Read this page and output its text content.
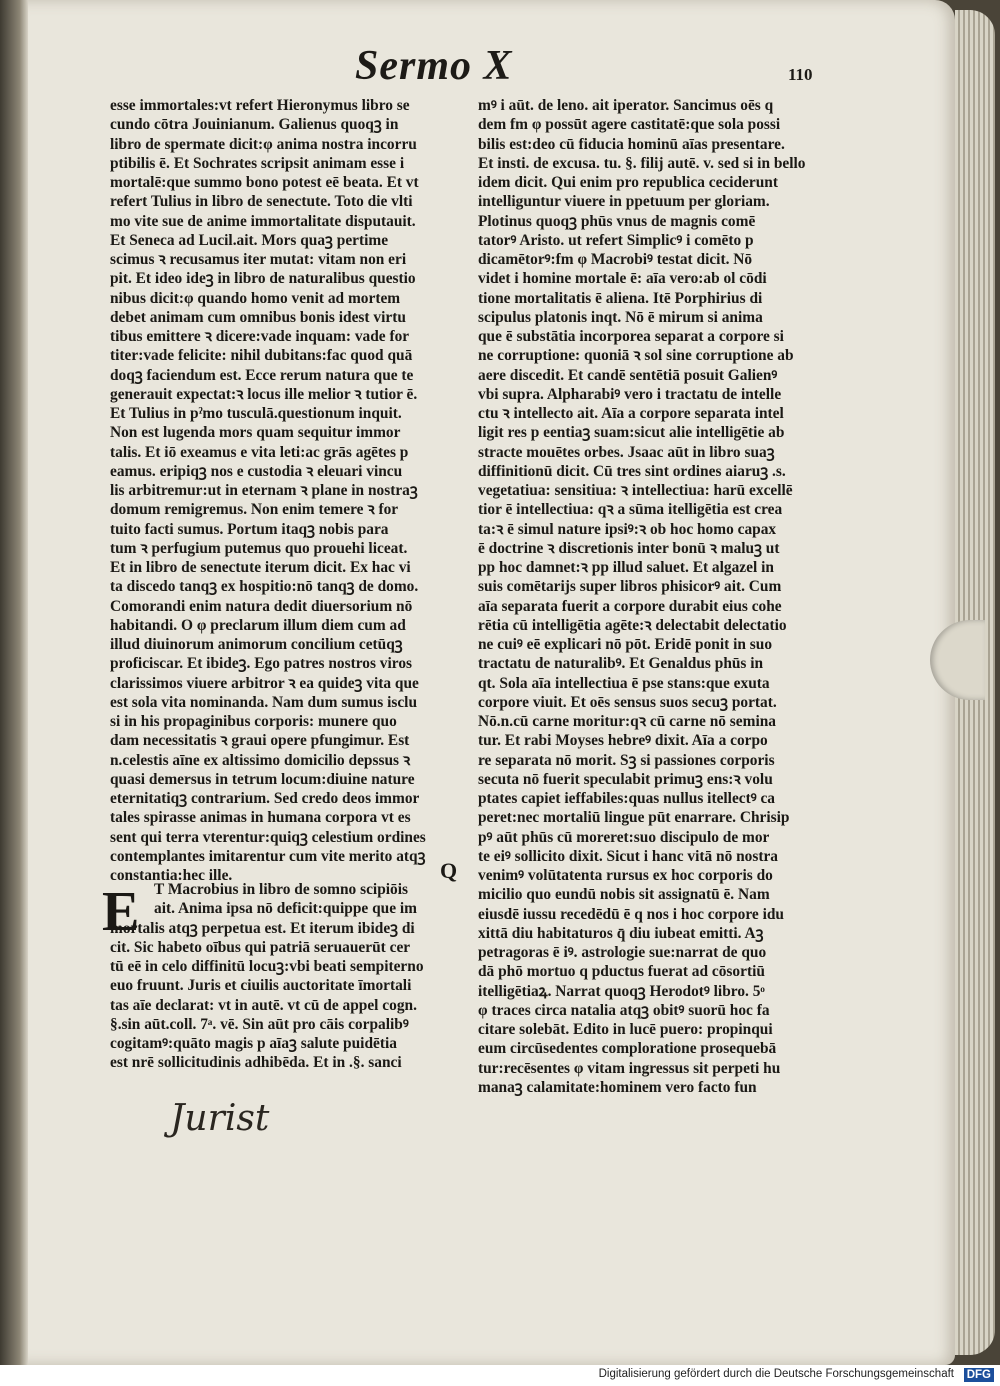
Sermo X	110
esse immortales:vt refert Hieronymus libro se
cundo cōtra Jouinianum. Galienus quoqꝫ in
libro de spermate dicit:φ anima nostra incorru
ptibilis ē. Et Sochrates scripsit animam esse i
mortalē:que summo bono potest eē beata. Et vt
refert Tulius in libro de senectute. Toto die vlti
mo vite sue de anime immortalitate disputauit.
Et Seneca ad Lucil.ait. Mors quaꝫ pertime
scimus ꝛ recusamus iter mutat: vitam non eri
pit. Et ideo ideꝫ in libro de naturalibus questio
nibus dicit:φ quando homo venit ad mortem
debet animam cum omnibus bonis idest virtu
tibus emittere ꝛ dicere:vade inquam: vade for
titer:vade felicite: nihil dubitans:fac quod quā
doqꝫ faciendum est. Ecce rerum natura que te
generauit expectat:ꝛ locus ille melior ꝛ tutior ē.
Et Tulius in pˀmo tusculā.questionum inquit.
Non est lugenda mors quam sequitur immor
talis. Et iō exeamus e vita leti:ac grās agētes p
eamus. eripiqꝫ nos e custodia ꝛ eleuari vincu
lis arbitremur:ut in eternam ꝛ plane in nostraꝫ
domum remigremus. Non enim temere ꝛ for
tuito facti sumus. Portum itaqꝫ nobis para
tum ꝛ perfugium putemus quo prouehi liceat.
Et in libro de senectute iterum dicit. Ex hac vi
ta discedo tanqꝫ ex hospitio:nō tanqꝫ de domo.
Comorandi enim natura dedit diuersorium nō
habitandi. O φ preclarum illum diem cum ad
illud diuinorum animorum concilium cetūqꝫ
proficiscar. Et ibideꝫ. Ego patres nostros viros
clarissimos viuere arbitror ꝛ ea quideꝫ vita que
est sola vita nominanda. Nam dum sumus isclu
si in his propaginibus corporis: munere quo
dam necessitatis ꝛ graui opere pfungimur. Est
n.celestis aīne ex altissimo domicilio depssus ꝛ
quasi demersus in tetrum locum:diuine nature
eternitatiqꝫ contrarium. Sed credo deos immor
tales spirasse animas in humana corpora vt es
sent qui terra vterentur:quiqꝫ celestium ordines
contemplantes imitarentur cum vite merito atqꝫ
constantia:hec ille.	Q
E T Macrobius in libro de somno scipiōis
ait. Anima ipsa nō deficit:quippe que im
mortalis atqꝫ perpetua est. Et iterum ibideꝫ di
cit. Sic habeto oībus qui patriā seruauerūt cer
tū eē in celo diffinitū locuꝫ:vbi beati sempiterno
euo fruunt. Juris et ciuilis auctoritate īmortali
tas aīe declarat: vt in autē. vt cū de appel cogn.
§.sin aūt.coll. 7ᵃ. vē. Sin aūt pro cāis corpalibꝰ
cogitamꝰ:quāto magis p aīaꝫ salute puidētia
est nrē sollicitudinis adhibēda. Et in .§. sanci
mꝰ i aūt. de leno. ait iperator. Sancimus oēs q
dem fm φ possūt agere castitatē:que sola possi
bilis est:deo cū fiducia hominū aīas presentare.
Et insti. de excusa. tu. §. filij autē. v. sed si in bello
idem dicit. Qui enim pro republica ceciderunt
intelliguntur viuere in ppetuum per gloriam.
Plotinus quoqꝫ phūs vnus de magnis comē
tatorꝰ Aristo. ut refert Simplicꝰ i comēto p
dicamētorꝰ:fm φ Macrobiꝰ testat dicit. Nō
videt i homine mortale ē: aīa vero:ab ol cōdi
tione mortalitatis ē aliena. Itē Porphirius di
scipulus platonis inqt. Nō ē mirum si anima
que ē substātia incorporea separat a corpore si
ne corruptione: quoniā ꝛ sol sine corruptione ab
aere discedit. Et candē sentētiā posuit Galienꝰ
vbi supra. Alpharabiꝰ vero i tractatu de intelle
ctu ꝛ intellecto ait. Aīa a corpore separata intel
ligit res p eentiaꝫ suam:sicut alie intelligētie ab
stracte mouētes orbes. Jsaac aūt in libro suaꝫ
diffinitionū dicit. Cū tres sint ordines aiaruꝫ .s.
vegetatiua: sensitiua: ꝛ intellectiua: harū excellē
tior ē intellectiua: qꝛ a sūma itelligētia est crea
ta:ꝛ ē simul nature ipsiꝰ:ꝛ ob hoc homo capax
ē doctrine ꝛ discretionis inter bonū ꝛ maluꝫ ut
pp hoc damnet:ꝛ pp illud saluet. Et algazel in
suis comētarijs super libros phisicorꝰ ait. Cum
aīa separata fuerit a corpore durabit eius cohe
rētia cū intelligētia agēte:ꝛ delectabit delectatio
ne cuiꝰ eē explicari nō pōt. Eridē ponit in suo
tractatu de naturalibꝰ. Et Genaldus phūs in
qt. Sola aīa intellectiua ē pse stans:que exuta
corpore viuit. Et oēs sensus suos secuꝫ portat.
Nō.n.cū carne moritur:qꝛ cū carne nō semina
tur. Et rabi Moyses hebreꝰ dixit. Aīa a corpo
re separata nō morit. Sꝫ si passiones corporis
secuta nō fuerit speculabit primuꝫ ens:ꝛ volu
ptates capiet ieffabiles:quas nullus itellectꝰ ca
peret:nec mortaliū lingue pūt enarrare. Chrisip
pꝰ aūt phūs cū moreret:suo discipulo de mor
te eiꝰ sollicito dixit. Sicut i hanc vitā nō nostra
venimꝰ volūtatenta rursus ex hoc corporis do
micilio quo eundū nobis sit assignatū ē. Nam
eiusdē iussu recedēdū ē q nos i hoc corpore idu
xittā diu habitaturos q̄ diu iubeat emitti. Aꝫ
petragoras ē iꝰ. astrologie sue:narrat de quo
dā phō mortuo q pductus fuerat ad cōsortiū
itelligētiaꝝ. Narrat quoqꝫ Herodotꝰ libro. 5ᵒ
φ traces circa natalia atqꝫ obitꝰ suorū hoc fa
citare solebāt. Edito in lucē puero: propinqui
eum circūsedentes comploratione prosequebā
tur:recēsentes φ vitam ingressus sit perpeti hu
manaꝫ calamitate:hominem vero facto fun
Jurist
Digitalisierung gefördert durch die Deutsche Forschungsgemeinschaft DFG
